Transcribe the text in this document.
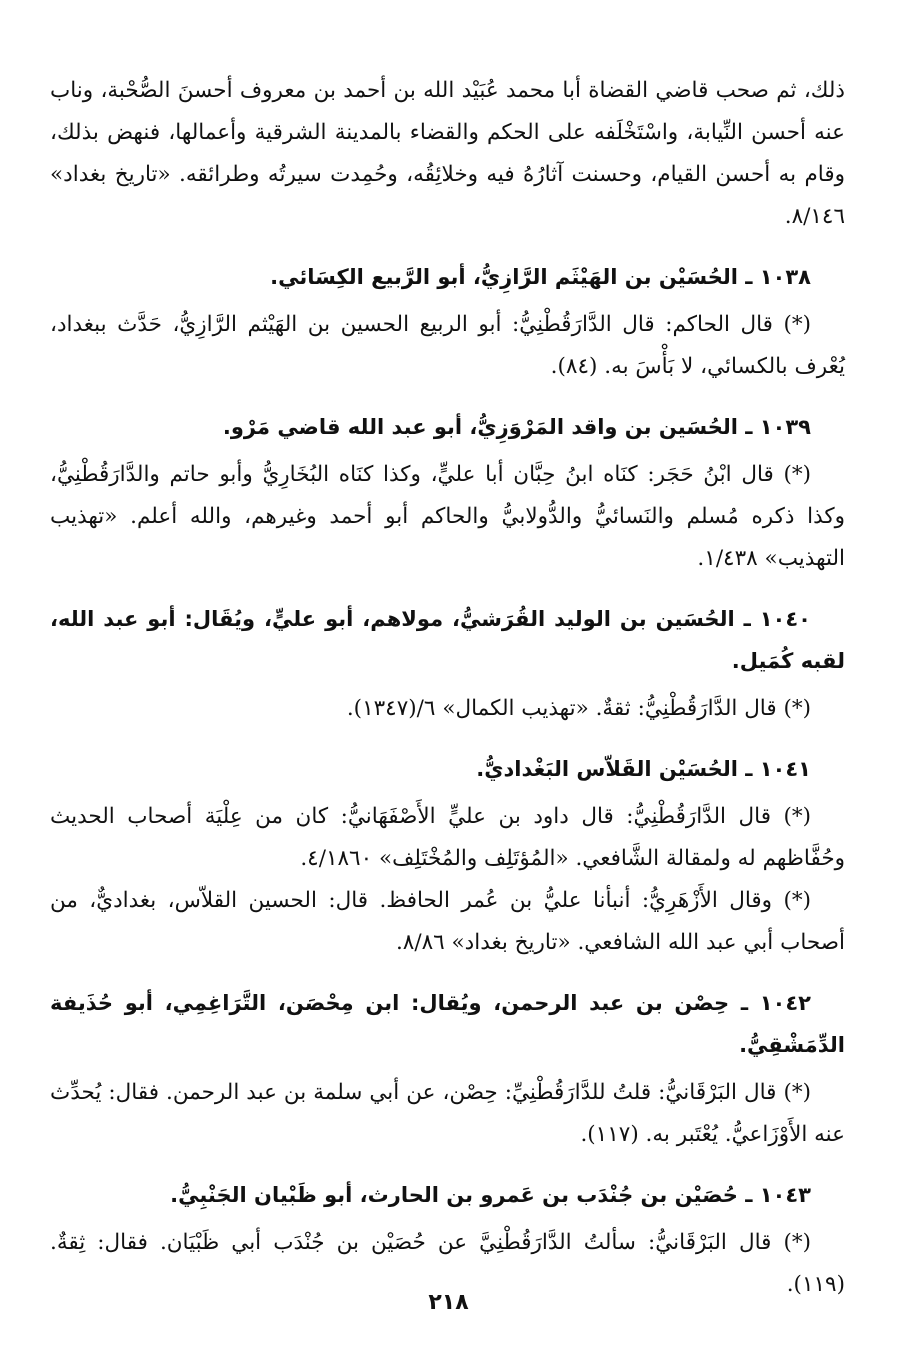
ذلك، ثم صحب قاضي القضاة أبا محمد عُبَيْد الله بن أحمد بن معروف أحسنَ الصُّحْبة، وناب عنه أحسن النِّيابة، واسْتَخْلَفه على الحكم والقضاء بالمدينة الشرقية وأعمالها، فنهض بذلك، وقام به أحسن القيام، وحسنت آثارُهُ فيه وخلائِقُه، وحُمِدت سيرتُه وطرائقه. «تاريخ بغداد» ٨/١٤٦.

١٠٣٨ ـ الحُسَيْن بن الهَيْثَم الرَّازِيُّ، أبو الرَّبيع الكِسَائي.

(*) قال الحاكم: قال الدَّارَقُطْنِيُّ: أبو الربيع الحسين بن الهَيْثم الرَّازِيُّ، حَدَّث ببغداد، يُعْرف بالكسائي، لا بَأْسَ به. (٨٤).

١٠٣٩ ـ الحُسَين بن واقد المَرْوَزِيُّ، أبو عبد الله قاضي مَرْو.

(*) قال ابْنُ حَجَر: كنَاه ابنُ حِبَّان أبا عليٍّ، وكذا كنَاه البُخَارِيُّ وأبو حاتم والدَّارَقُطْنِيُّ، وكذا ذكره مُسلم والنَسائيُّ والدُّولابيُّ والحاكم أبو أحمد وغيرهم، والله أعلم. «تهذيب التهذيب» ١/٤٣٨.

١٠٤٠ ـ الحُسَين بن الوليد القُرَشيُّ، مولاهم، أبو عليٍّ، ويُقَال: أبو عبد الله، لقبه كُمَيل.

(*) قال الدَّارَقُطْنِيُّ: ثقةٌ. «تهذيب الكمال» ٦/(١٣٤٧).

١٠٤١ ـ الحُسَيْن القَلاّس البَغْداديُّ.

(*) قال الدَّارَقُطْنِيُّ: قال داود بن عليٍّ الأَصْفَهَانيُّ: كان من عِلْيَة أصحاب الحديث وحُفَّاظهم له ولمقالة الشَّافعي. «المُؤتَلِف والمُخْتَلِف» ٤/١٨٦٠.

(*) وقال الأَزْهَرِيُّ: أنبأنا عليُّ بن عُمر الحافظ. قال: الحسين القلاّس، بغداديٌّ، من أصحاب أبي عبد الله الشافعي. «تاريخ بغداد» ٨/٨٦.

١٠٤٢ ـ حِصْن بن عبد الرحمن، ويُقال: ابن مِحْصَن، التَّرَاغِمِي، أبو حُذَيفة الدِّمَشْقِيُّ.

(*) قال البَرْقَانيُّ: قلتُ للدَّارَقُطْنِيِّ: حِصْن، عن أبي سلمة بن عبد الرحمن. فقال: يُحدِّث عنه الأَوْزَاعيُّ. يُعْتَبر به. (١١٧).

١٠٤٣ ـ حُصَيْن بن جُنْدَب بن عَمرو بن الحارث، أبو ظَبْيان الجَنْبِيُّ.

(*) قال البَرْقَانيُّ: سألتُ الدَّارَقُطْنِيَّ عن حُصَيْن بن جُنْدَب أبي ظَبْيَان. فقال: ثِقةٌ. (١١٩).

٢١٨
